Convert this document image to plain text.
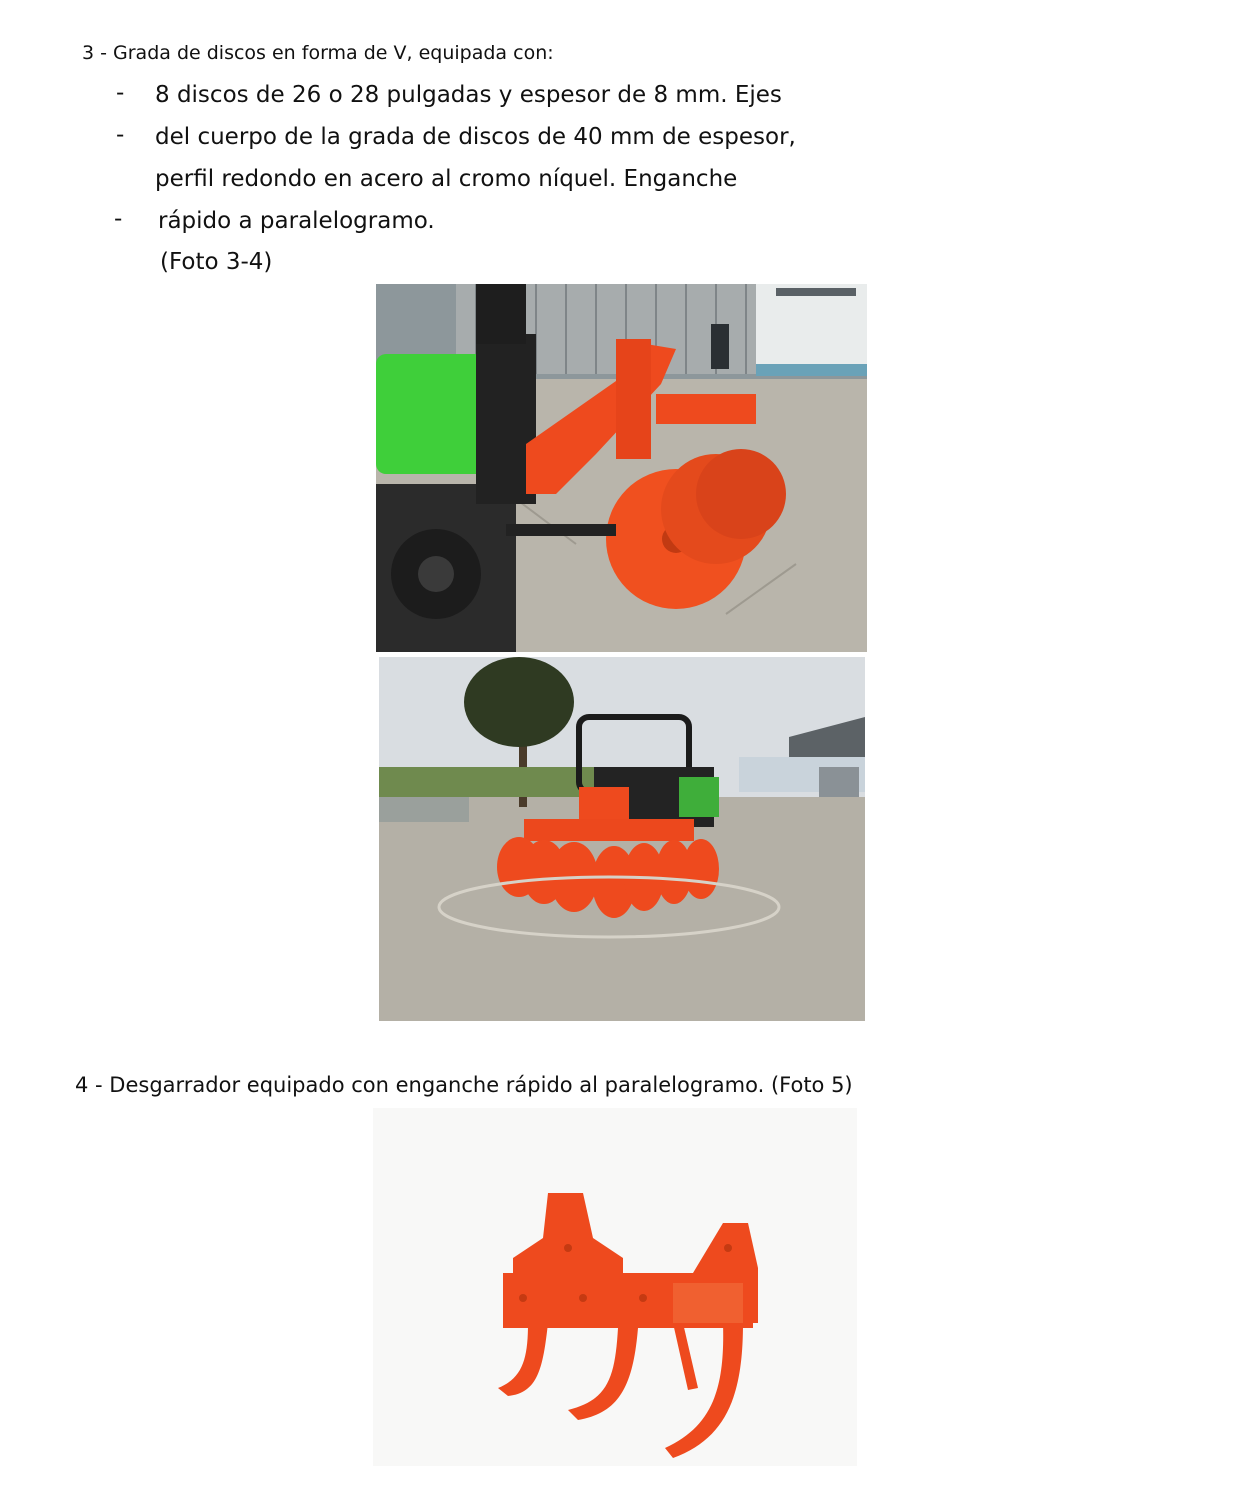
3 - Grada de discos en forma de V, equipada con:
- 8 discos de 26 o 28 pulgadas y espesor de 8 mm. Ejes
- del cuerpo de la grada de discos de 40 mm de espesor,
perfil redondo en acero al cromo níquel. Enganche
- rápido a paralelogramo.
(Foto 3-4)
4 - Desgarrador equipado con enganche rápido al paralelogramo. (Foto 5)
